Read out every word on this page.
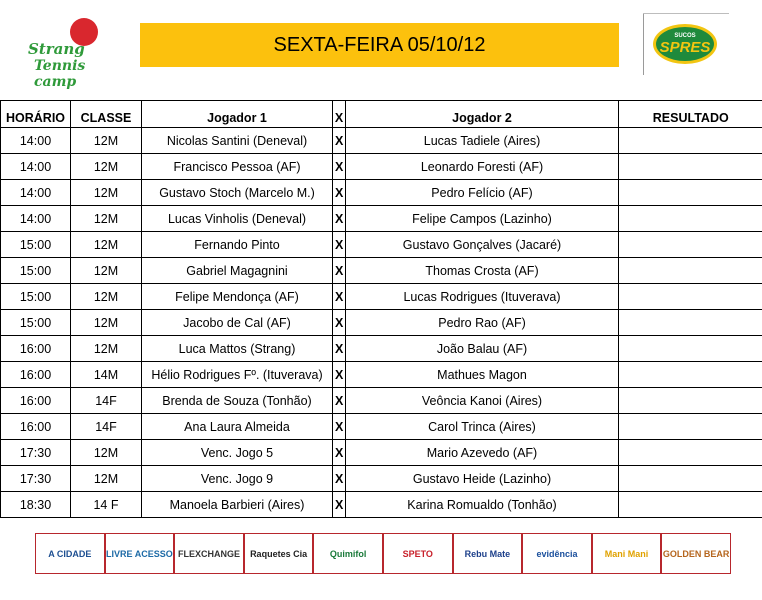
Strang
Tennis camp
SEXTA-FEIRA 05/10/12	SUCOS
SPRES
HORÁRIO	CLASSE	Jogador 1	X	Jogador 2	RESULTADO
14:00	12M	Nicolas Santini (Deneval)	X	Lucas Tadiele (Aires)	
14:00	12M	Francisco Pessoa (AF)	X	Leonardo Foresti (AF)	
14:00	12M	Gustavo Stoch (Marcelo M.)	X	Pedro Felício (AF)	
14:00	12M	Lucas Vinholis (Deneval)	X	Felipe Campos (Lazinho)	
15:00	12M	Fernando Pinto	X	Gustavo Gonçalves (Jacaré)	
15:00	12M	Gabriel Magagnini	X	Thomas Crosta (AF)	
15:00	12M	Felipe Mendonça (AF)	X	Lucas Rodrigues (Ituverava)	
15:00	12M	Jacobo de Cal (AF)	X	Pedro Rao (AF)	
16:00	12M	Luca Mattos (Strang)	X	João Balau (AF)	
16:00	14M	Hélio Rodrigues Fº. (Ituverava)	X	Mathues Magon	
16:00	14F	Brenda de Souza (Tonhão)	X	Veôncia Kanoi (Aires)	
16:00	14F	Ana Laura Almeida	X	Carol Trinca (Aires)	
17:30	12M	Venc. Jogo 5	X	Mario Azevedo (AF)	
17:30	12M	Venc. Jogo 9	X	Gustavo Heide (Lazinho)	
18:30	14 F	Manoela Barbieri (Aires)	X	Karina Romualdo (Tonhão)	
A CIDADE	LIVRE ACESSO FLEXCHANGE	Raquetes Cia	Quimifol	SPETO	Rebu Mate	evidência	Mani Mani	GOLDEN BEAR
